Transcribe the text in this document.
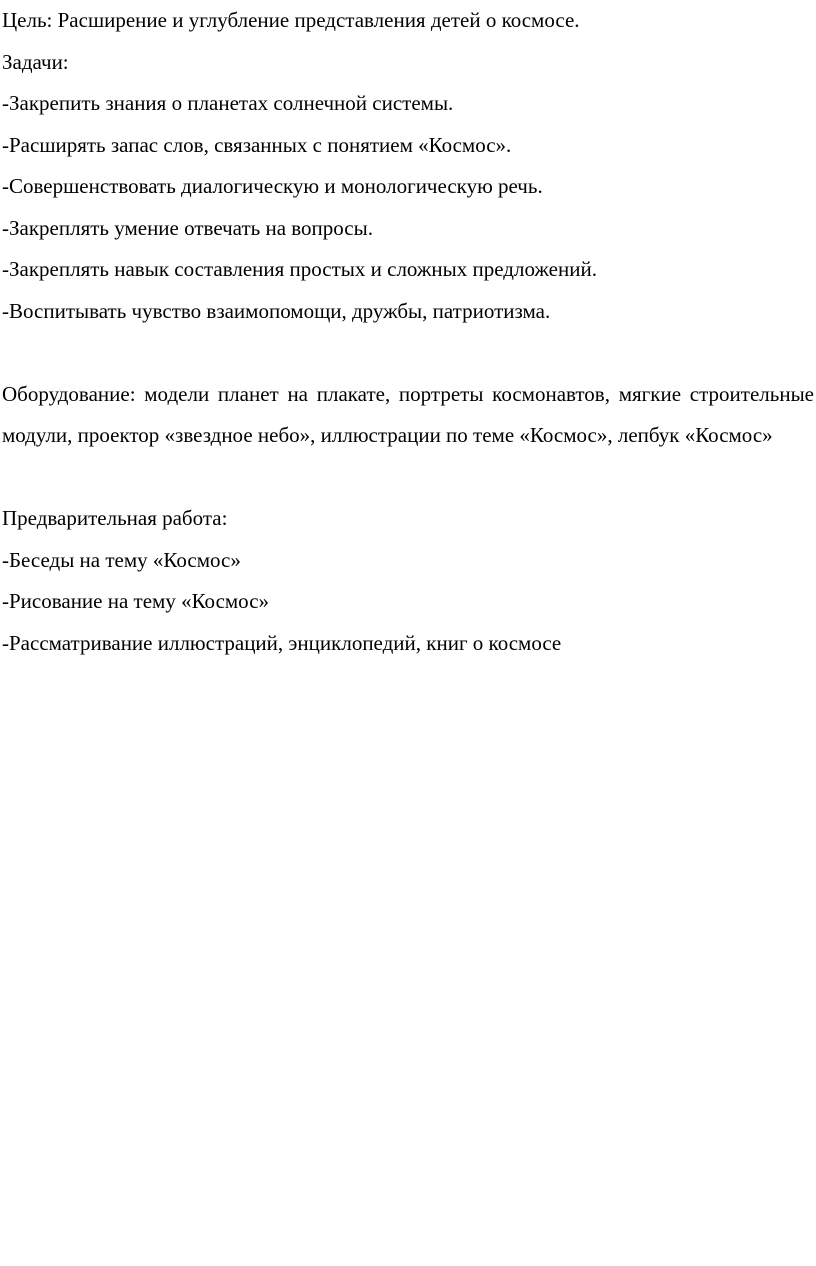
Цель: Расширение и углубление представления детей о космосе.

Задачи:

-Закрепить знания о планетах солнечной системы.

-Расширять запас слов, связанных с понятием «Космос».

-Совершенствовать диалогическую и монологическую речь.

-Закреплять умение отвечать на вопросы.

-Закреплять навык составления простых и сложных предложений.

-Воспитывать чувство взаимопомощи, дружбы, патриотизма.

Оборудование: модели планет на плакате, портреты космонавтов, мягкие строительные модули, проектор «звездное небо», иллюстрации по теме «Космос», лепбук «Космос»

Предварительная работа:

-Беседы на тему «Космос»

-Рисование на тему «Космос»

-Рассматривание иллюстраций, энциклопедий, книг о космосе
